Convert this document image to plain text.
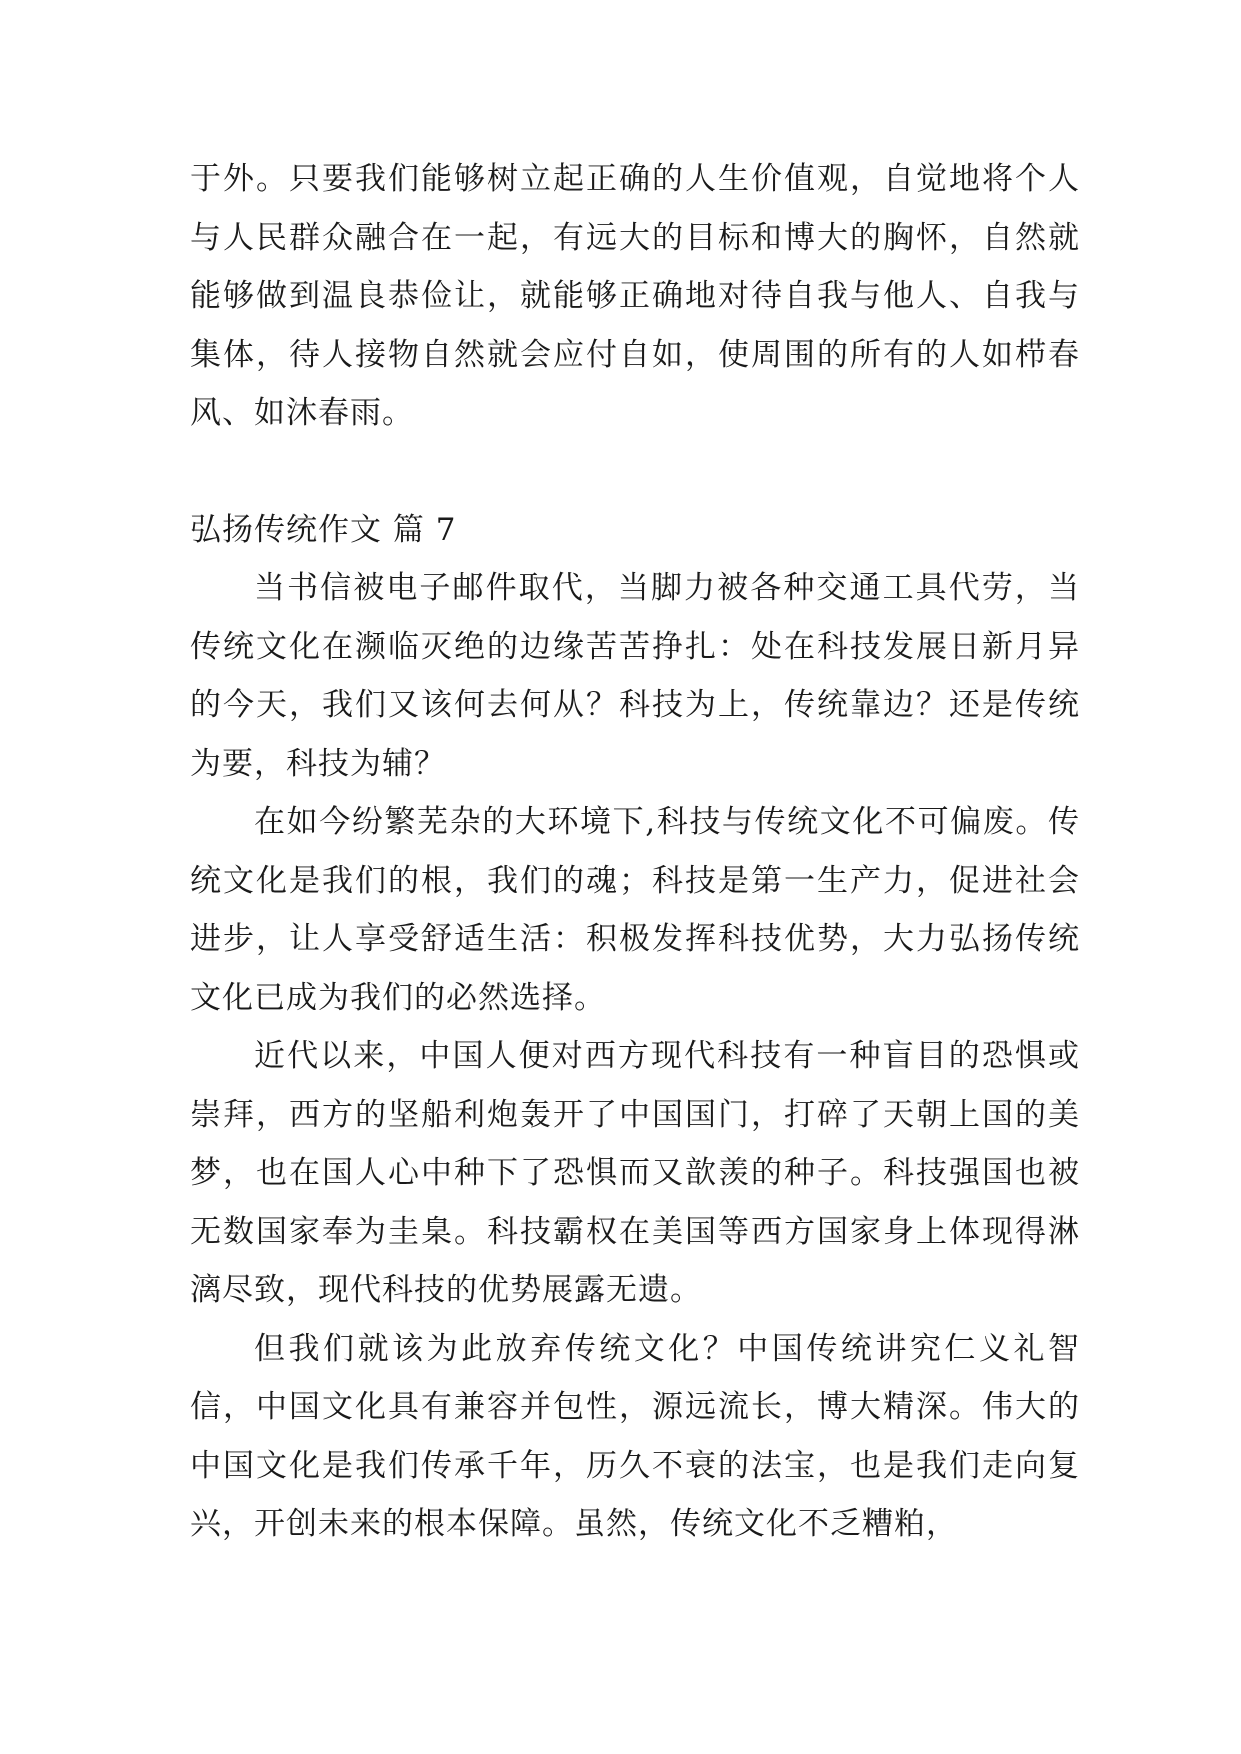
于外。只要我们能够树立起正确的人生价值观，自觉地将个人与人民群众融合在一起，有远大的目标和博大的胸怀，自然就能够做到温良恭俭让，就能够正确地对待自我与他人、自我与集体，待人接物自然就会应付自如，使周围的所有的人如栉春风、如沐春雨。

弘扬传统作文 篇 7

当书信被电子邮件取代，当脚力被各种交通工具代劳，当传统文化在濒临灭绝的边缘苦苦挣扎：处在科技发展日新月异的今天，我们又该何去何从？科技为上，传统靠边？还是传统为要，科技为辅？

在如今纷繁芜杂的大环境下,科技与传统文化不可偏废。传统文化是我们的根，我们的魂；科技是第一生产力，促进社会进步，让人享受舒适生活：积极发挥科技优势，大力弘扬传统文化已成为我们的必然选择。

近代以来，中国人便对西方现代科技有一种盲目的恐惧或崇拜，西方的坚船利炮轰开了中国国门，打碎了天朝上国的美梦，也在国人心中种下了恐惧而又歆羡的种子。科技强国也被无数国家奉为圭臬。科技霸权在美国等西方国家身上体现得淋漓尽致，现代科技的优势展露无遗。

但我们就该为此放弃传统文化？中国传统讲究仁义礼智信，中国文化具有兼容并包性，源远流长，博大精深。伟大的中国文化是我们传承千年，历久不衰的法宝，也是我们走向复兴，开创未来的根本保障。虽然，传统文化不乏糟粕，
